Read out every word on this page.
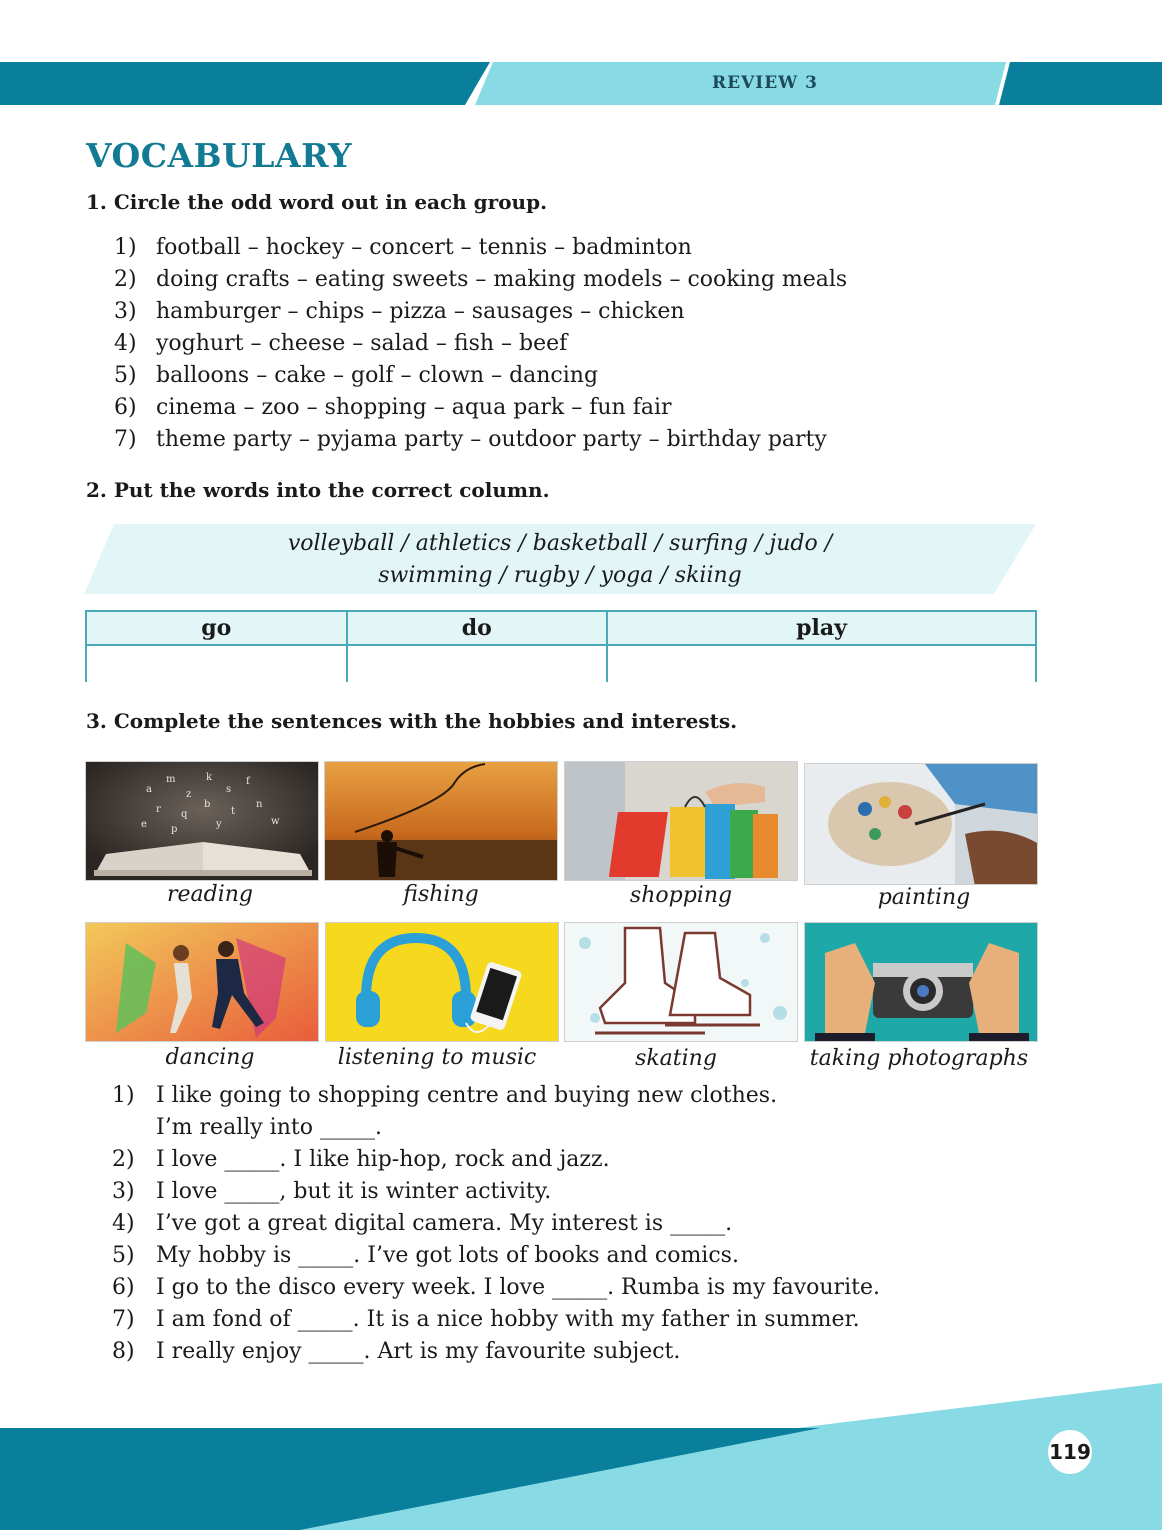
REVIEW 3
VOCABULARY
1. Circle the odd word out in each group.
1) football – hockey – concert – tennis – badminton
2) doing crafts – eating sweets – making models – cooking meals
3) hamburger – chips – pizza – sausages – chicken
4) yoghurt – cheese – salad – fish – beef
5) balloons – cake – golf – clown – dancing
6) cinema – zoo – shopping – aqua park – fun fair
7) theme party – pyjama party – outdoor party – birthday party
2. Put the words into the correct column.
volleyball / athletics / basketball / surfing / judo /
swimming / rugby / yoga / skiing
go	do	play

3. Complete the sentences with the hobbies and interests.
a
m
z
k
s
f
r q
b
t
n
e	w
y
p
reading	fishing	shopping	painting
dancing	listening to music	skating	taking photographs
1) I like going to shopping centre and buying new clothes.
I’m really into _____.
2) I love _____. I like hip-hop, rock and jazz.
3) I love _____, but it is winter activity.
4) I’ve got a great digital camera. My interest is _____.
5) My hobby is _____. I’ve got lots of books and comics.
6) I go to the disco every week. I love _____. Rumba is my favourite.
7) I am fond of _____. It is a nice hobby with my father in summer.
8) I really enjoy _____. Art is my favourite subject.
119
